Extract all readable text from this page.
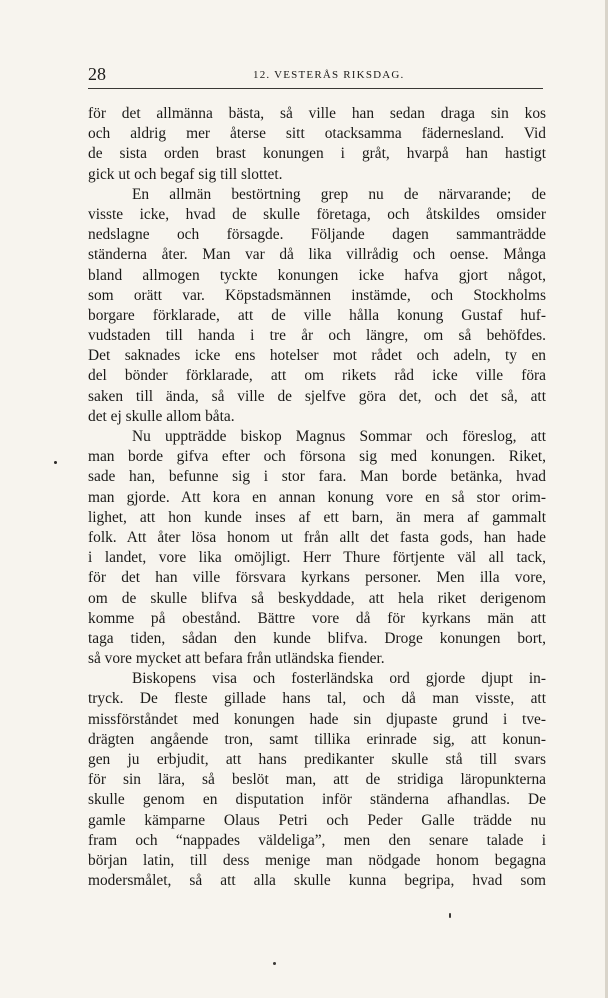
28	12. VESTERÅS RIKSDAG.
för det allmänna bästa, så ville han sedan draga sin kos
och aldrig mer återse sitt otacksamma fädernesland. Vid
de sista orden brast konungen i gråt, hvarpå han hastigt
gick ut och begaf sig till slottet.
En allmän bestörtning grep nu de närvarande; de
visste icke, hvad de skulle företaga, och åtskildes omsider
nedslagne och försagde. Följande dagen sammanträdde
ständerna åter. Man var då lika villrådig och oense. Många
bland allmogen tyckte konungen icke hafva gjort något,
som orätt var. Köpstadsmännen instämde, och Stockholms
borgare förklarade, att de ville hålla konung Gustaf huf-
vudstaden till handa i tre år och längre, om så behöfdes.
Det saknades icke ens hotelser mot rådet och adeln, ty en
del bönder förklarade, att om rikets råd icke ville föra
saken till ända, så ville de sjelfve göra det, och det så, att
det ej skulle allom båta.
Nu uppträdde biskop Magnus Sommar och föreslog, att
man borde gifva efter och försona sig med konungen. Riket,
sade han, befunne sig i stor fara. Man borde betänka, hvad
man gjorde. Att kora en annan konung vore en så stor orim-
lighet, att hon kunde inses af ett barn, än mera af gammalt
folk. Att åter lösa honom ut från allt det fasta gods, han hade
i landet, vore lika omöjligt. Herr Thure förtjente väl all tack,
för det han ville försvara kyrkans personer. Men illa vore,
om de skulle blifva så beskyddade, att hela riket derigenom
komme på obestånd. Bättre vore då för kyrkans män att
taga tiden, sådan den kunde blifva. Droge konungen bort,
så vore mycket att befara från utländska fiender.
Biskopens visa och fosterländska ord gjorde djupt in-
tryck. De fleste gillade hans tal, och då man visste, att
missförståndet med konungen hade sin djupaste grund i tve-
drägten angående tron, samt tillika erinrade sig, att konun-
gen ju erbjudit, att hans predikanter skulle stå till svars
för sin lära, så beslöt man, att de stridiga läropunkterna
skulle genom en disputation inför ständerna afhandlas. De
gamle kämparne Olaus Petri och Peder Galle trädde nu
fram och “nappades väldeliga”, men den senare talade i
början latin, till dess menige man nödgade honom begagna
modersmålet, så att alla skulle kunna begripa, hvad som
